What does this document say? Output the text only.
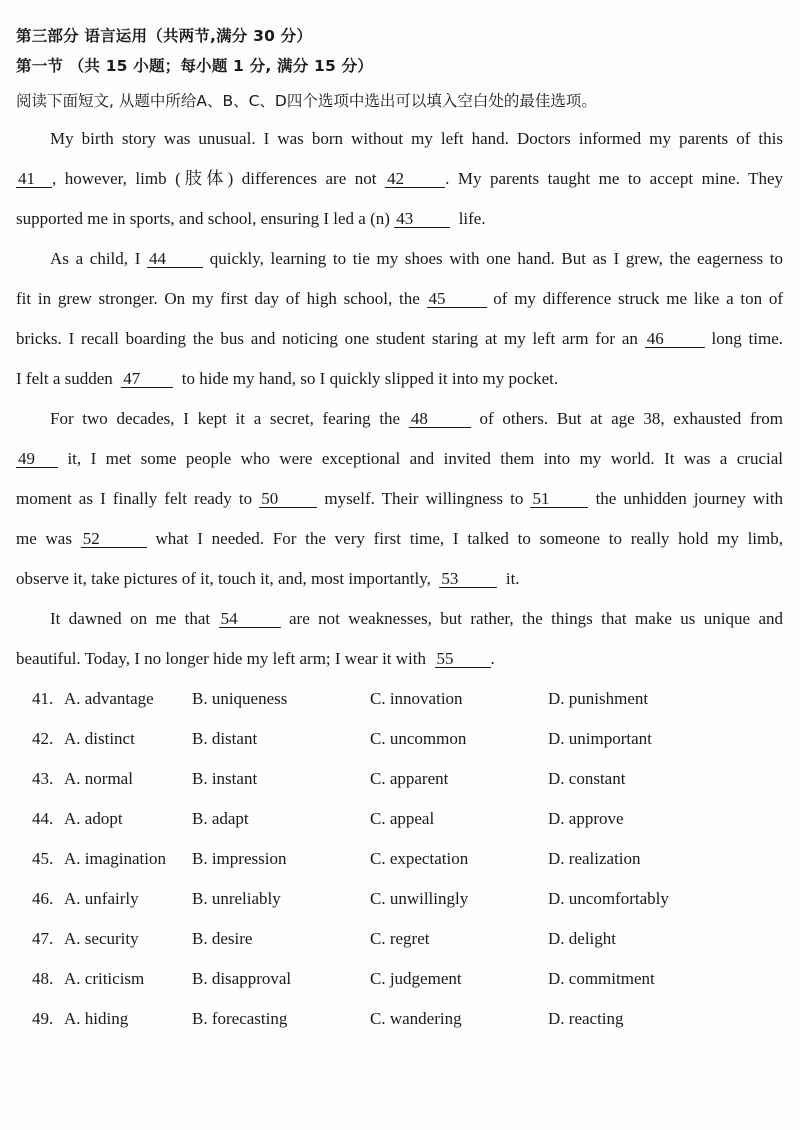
第三部分 语言运用（共两节,满分 30 分）
第一节 （共 15 小题；每小题 1 分, 满分 15 分）
阅读下面短文, 从题中所给A、B、C、D四个选项中选出可以填入空白处的最佳选项。
My birth story was unusual. I was born without my left hand. Doctors informed my parents of this
41 , however, limb (肢体) differences are not 42 . My parents taught me to accept mine. They
supported me in sports, and school, ensuring I led a (n) 43	life.
As a child, I 44	quickly, learning to tie my shoes with one hand. But as I grew, the eagerness to
fit in grew stronger. On my first day of high school, the 45	of my difference struck me like a ton of
bricks. I recall boarding the bus and noticing one student staring at my left arm for an 46	long time.
I felt a sudden 47 to hide my hand, so I quickly slipped it into my pocket.
For two decades, I kept it a secret, fearing the 48	of others. But at age 38, exhausted from
49 it, I met some people who were exceptional and invited them into my world. It was a crucial
moment as I finally felt ready to 50	myself. Their willingness to 51	the unhidden journey with
me was 52	what I needed. For the very first time, I talked to someone to really hold my limb,
observe it, take pictures of it, touch it, and, most importantly, 53	it.
It dawned on me that 54	are not weaknesses, but rather, the things that make us unique and
beautiful. Today, I no longer hide my left arm; I wear it with 55 .
41. A. advantage B. uniqueness	C. innovation	D. punishment
42. A. distinct	B. distant	C. uncommon	D. unimportant
43. A. normal	B. instant	C. apparent	D. constant
44. A. adopt	B. adapt	C. appeal	D. approve
45. A. imagination B. impression	C. expectation	D. realization
46. A. unfairly	B. unreliably	C. unwillingly	D. uncomfortably
47. A. security	B. desire	C. regret	D. delight
48. A. criticism	B. disapproval	C. judgement	D. commitment
49. A. hiding	B. forecasting	C. wandering	D. reacting
